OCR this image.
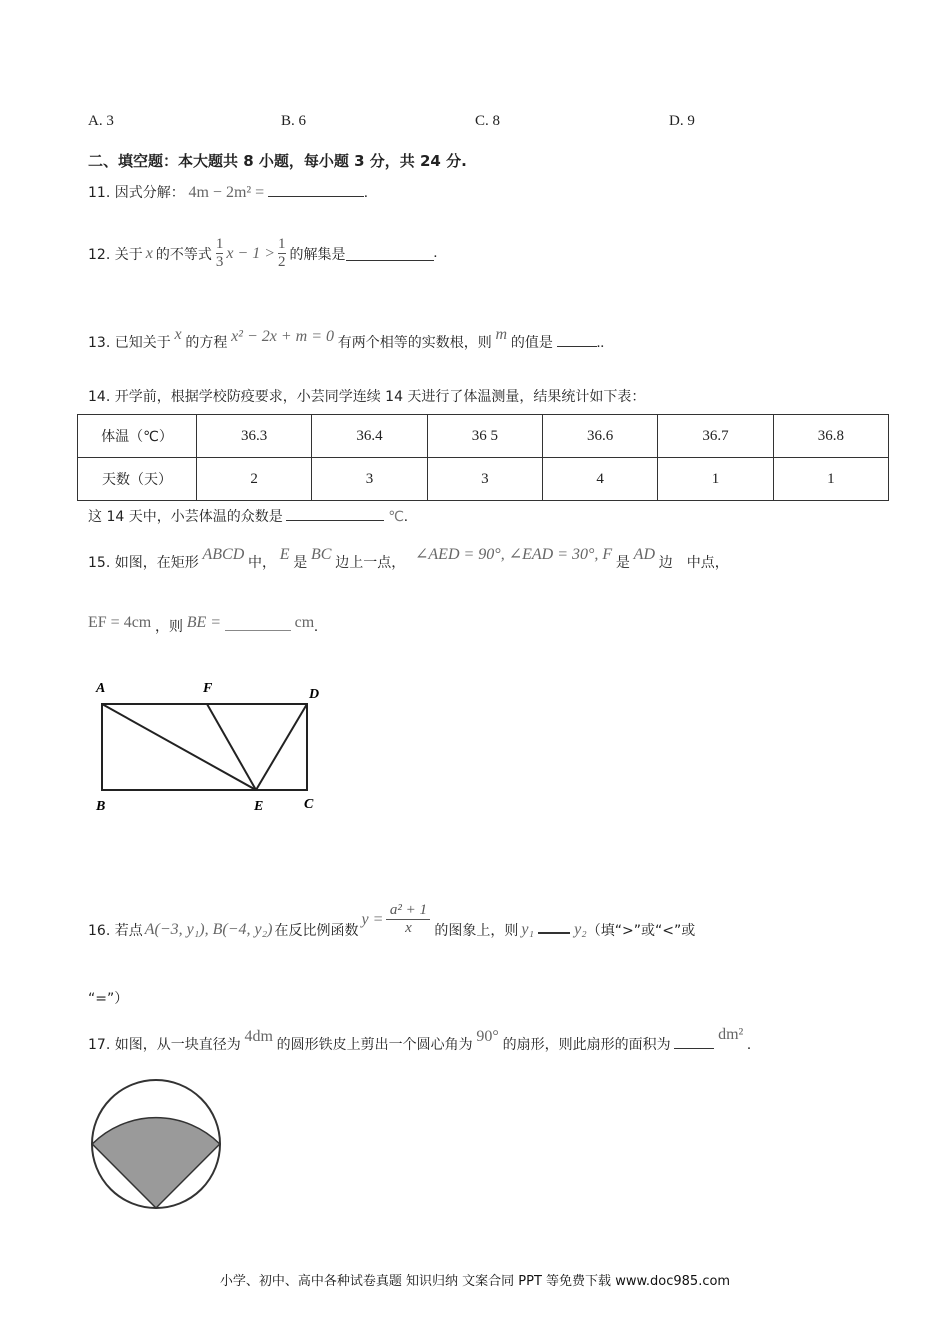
A. 3	B. 6	C. 8	D. 9
二、填空题：本大题共 8 小题，每小题 3 分，共 24 分.
11. 因式分解： 4m − 2m² =	.
12. 关于 x 的不等式 $\frac{1}{3}$ $x - 1 > \frac{1}{2}$ 的解集是	.
13. 已知关于 x 的方程 x² − 2x + m = 0 有两个相等的实数根，则 m 的值是	..
14. 开学前，根据学校防疫要求，小芸同学连续 14 天进行了体温测量，结果统计如下表：
体温（℃）	36.3	36.4	36 5	36.6	36.7	36.8
天数（天）	2	3	3	4	1	1
这 14 天中，小芸体温的众数是	℃.
15. 如图，在矩形 ABCD 中， E 是 BC 边上一点， ∠AED = 90°, ∠EAD = 30°, F 是 AD 边　中点，
EF = 4cm ，则 BE =	cm.
A	F	D
B	E	C
16. 若点 A(−3, y₁), B(−4, y₂) 在反比例函数
$y = \frac{\text{a² + 1}}{x}$ 的图象上，则 y₁	y₂ （填“>”或“<”或
“=”）
17. 如图，从一块直径为 4dm 的圆形铁皮上剪出一个圆心角为 90° 的扇形，则此扇形的面积为  dm² .
小学、初中、高中各种试卷真题 知识归纳 文案合同 PPT 等免费下载 www.doc985.com
